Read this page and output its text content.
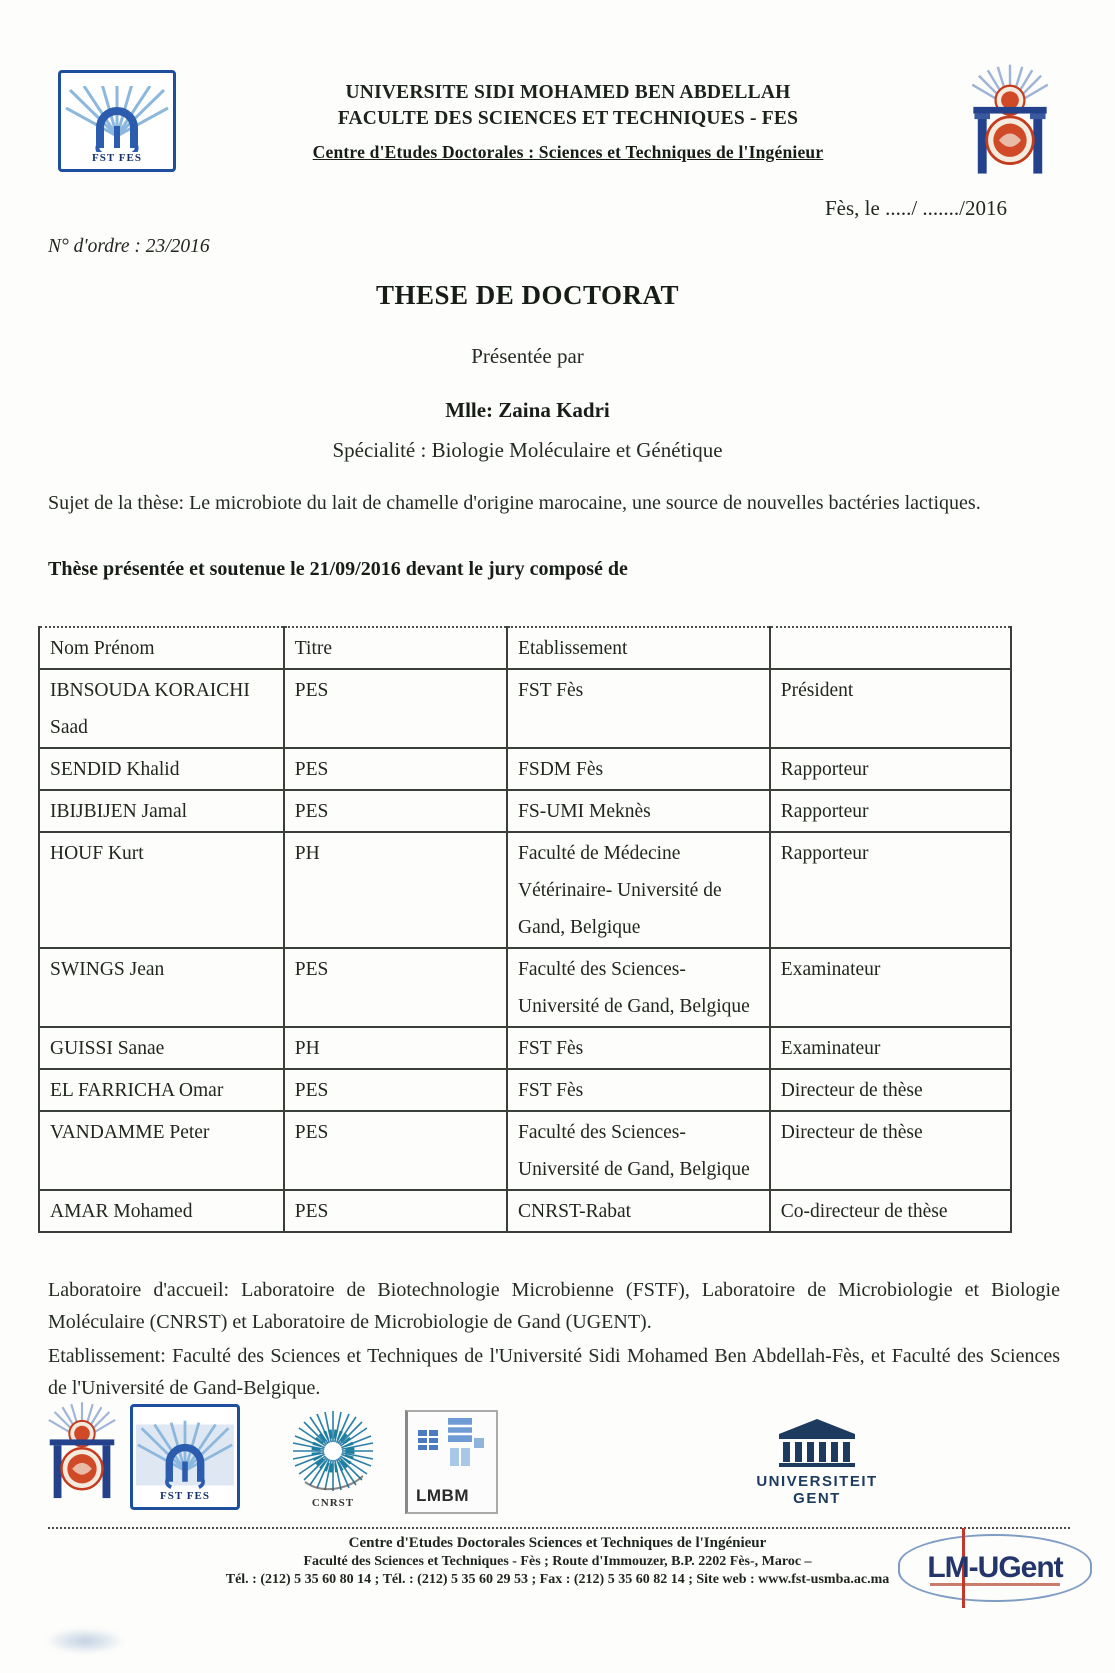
FST FES
UNIVERSITE SIDI MOHAMED BEN ABDELLAH
FACULTE DES SCIENCES ET TECHNIQUES - FES
Centre d'Etudes Doctorales : Sciences et Techniques de l'Ingénieur
Fès, le ...../ ......./2016
N° d'ordre : 23/2016
THESE DE DOCTORAT
Présentée par
Mlle: Zaina Kadri
Spécialité : Biologie Moléculaire et Génétique
Sujet de la thèse: Le microbiote du lait de chamelle d'origine marocaine, une source de nouvelles bactéries lactiques.
Thèse présentée et soutenue le 21/09/2016 devant le jury composé de
Nom Prénom	Titre	Etablissement	
IBNSOUDA KORAICHI
Saad	PES	FST Fès	Président
SENDID Khalid	PES	FSDM Fès	Rapporteur
IBIJBIJEN Jamal	PES	FS-UMI Meknès	Rapporteur
HOUF Kurt	PH	Faculté de Médecine
Vétérinaire- Université de
Gand, Belgique	Rapporteur
SWINGS Jean	PES	Faculté des Sciences-
Université de Gand, Belgique	Examinateur
GUISSI Sanae	PH	FST Fès	Examinateur
EL FARRICHA Omar	PES	FST Fès	Directeur de thèse
VANDAMME Peter	PES	Faculté des Sciences-
Université de Gand, Belgique	Directeur de thèse
AMAR Mohamed	PES	CNRST-Rabat	Co-directeur de thèse
Laboratoire d'accueil: Laboratoire de Biotechnologie Microbienne (FSTF), Laboratoire de Microbiologie et Biologie Moléculaire (CNRST) et Laboratoire de Microbiologie de Gand (UGENT).
Etablissement: Faculté des Sciences et Techniques de l'Université Sidi Mohamed Ben Abdellah-Fès, et Faculté des Sciences de l'Université de Gand-Belgique.
FST FES
CNRST	LMBM
UNIVERSITEIT
GENT
LM-UGent
Centre d'Etudes Doctorales Sciences et Techniques de l'Ingénieur
Faculté des Sciences et Techniques - Fès ; Route d'Immouzer, B.P. 2202 Fès-, Maroc –
Tél. : (212) 5 35 60 80 14 ; Tél. : (212) 5 35 60 29 53 ; Fax : (212) 5 35 60 82 14 ; Site web : www.fst-usmba.ac.ma
